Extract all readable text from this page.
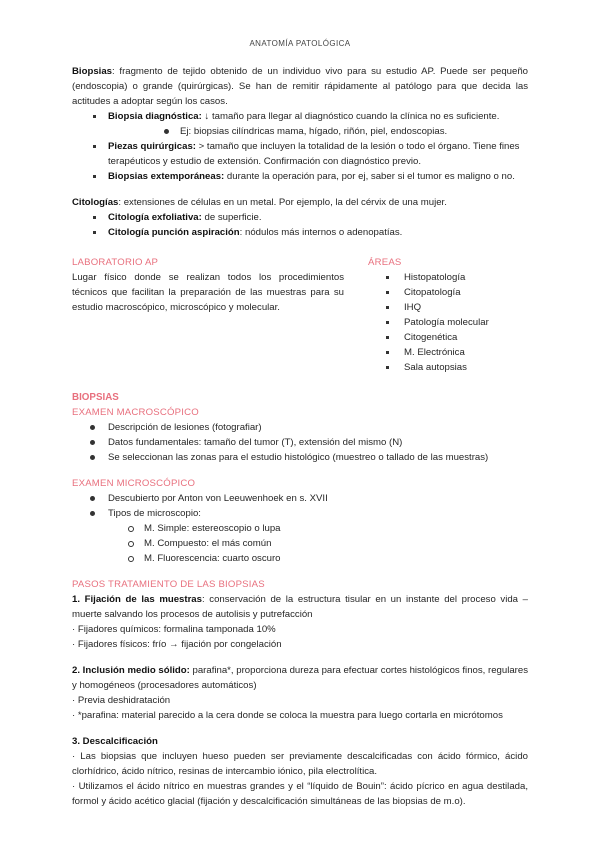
ANATOMÍA PATOLÓGICA

Biopsias: fragmento de tejido obtenido de un individuo vivo para su estudio AP. Puede ser pequeño (endoscopia) o grande (quirúrgicas). Se han de remitir rápidamente al patólogo para que decida las actitudes a adoptar según los casos.

Biopsia diagnóstica: ↓ tamaño para llegar al diagnóstico cuando la clínica no es suficiente.
Ej: biopsias cilíndricas mama, hígado, riñón, piel, endoscopias.
Piezas quirúrgicas: > tamaño que incluyen la totalidad de la lesión o todo el órgano. Tiene fines terapéuticos y estudio de extensión. Confirmación con diagnóstico previo.
Biopsias extemporáneas: durante la operación para, por ej, saber si el tumor es maligno o no.

Citologías: extensiones de células en un metal. Por ejemplo, la del cérvix de una mujer.

Citología exfoliativa: de superficie.
Citología punción aspiración: nódulos más internos o adenopatías.
LABORATORIO AP

Lugar físico donde se realizan todos los procedimientos técnicos que facilitan la preparación de las muestras para su estudio macroscópico, microscópico y molecular.

ÁREAS
Histopatología
Citopatología
IHQ
Patología molecular
Citogenética
M. Electrónica
Sala autopsias
BIOPSIAS
EXAMEN MACROSCÓPICO
Descripción de lesiones (fotografiar)
Datos fundamentales: tamaño del tumor (T), extensión del mismo (N)
Se seleccionan las zonas para el estudio histológico (muestreo o tallado de las muestras)
EXAMEN MICROSCÓPICO
Descubierto por Anton von Leeuwenhoek en s. XVII
Tipos de microscopio:
M. Simple: estereoscopio o lupa
M. Compuesto: el más común
M. Fluorescencia: cuarto oscuro
PASOS TRATAMIENTO DE LAS BIOPSIAS

1. Fijación de las muestras: conservación de la estructura tisular en un instante del proceso vida – muerte salvando los procesos de autolisis y putrefacción

· Fijadores químicos: formalina tamponada 10%

· Fijadores físicos: frío → fijación por congelación

2. Inclusión medio sólido: parafina*, proporciona dureza para efectuar cortes histológicos finos, regulares y homogéneos (procesadores automáticos)

· Previa deshidratación

· *parafina: material parecido a la cera donde se coloca la muestra para luego cortarla en micrótomos

3. Descalcificación

· Las biopsias que incluyen hueso pueden ser previamente descalcificadas con ácido fórmico, ácido clorhídrico, ácido nítrico, resinas de intercambio iónico, pila electrolítica.

· Utilizamos el ácido nítrico en muestras grandes y el “líquido de Bouin”: ácido pícrico en agua destilada, formol y ácido acético glacial (fijación y descalcificación simultáneas de las biopsias de m.o).
